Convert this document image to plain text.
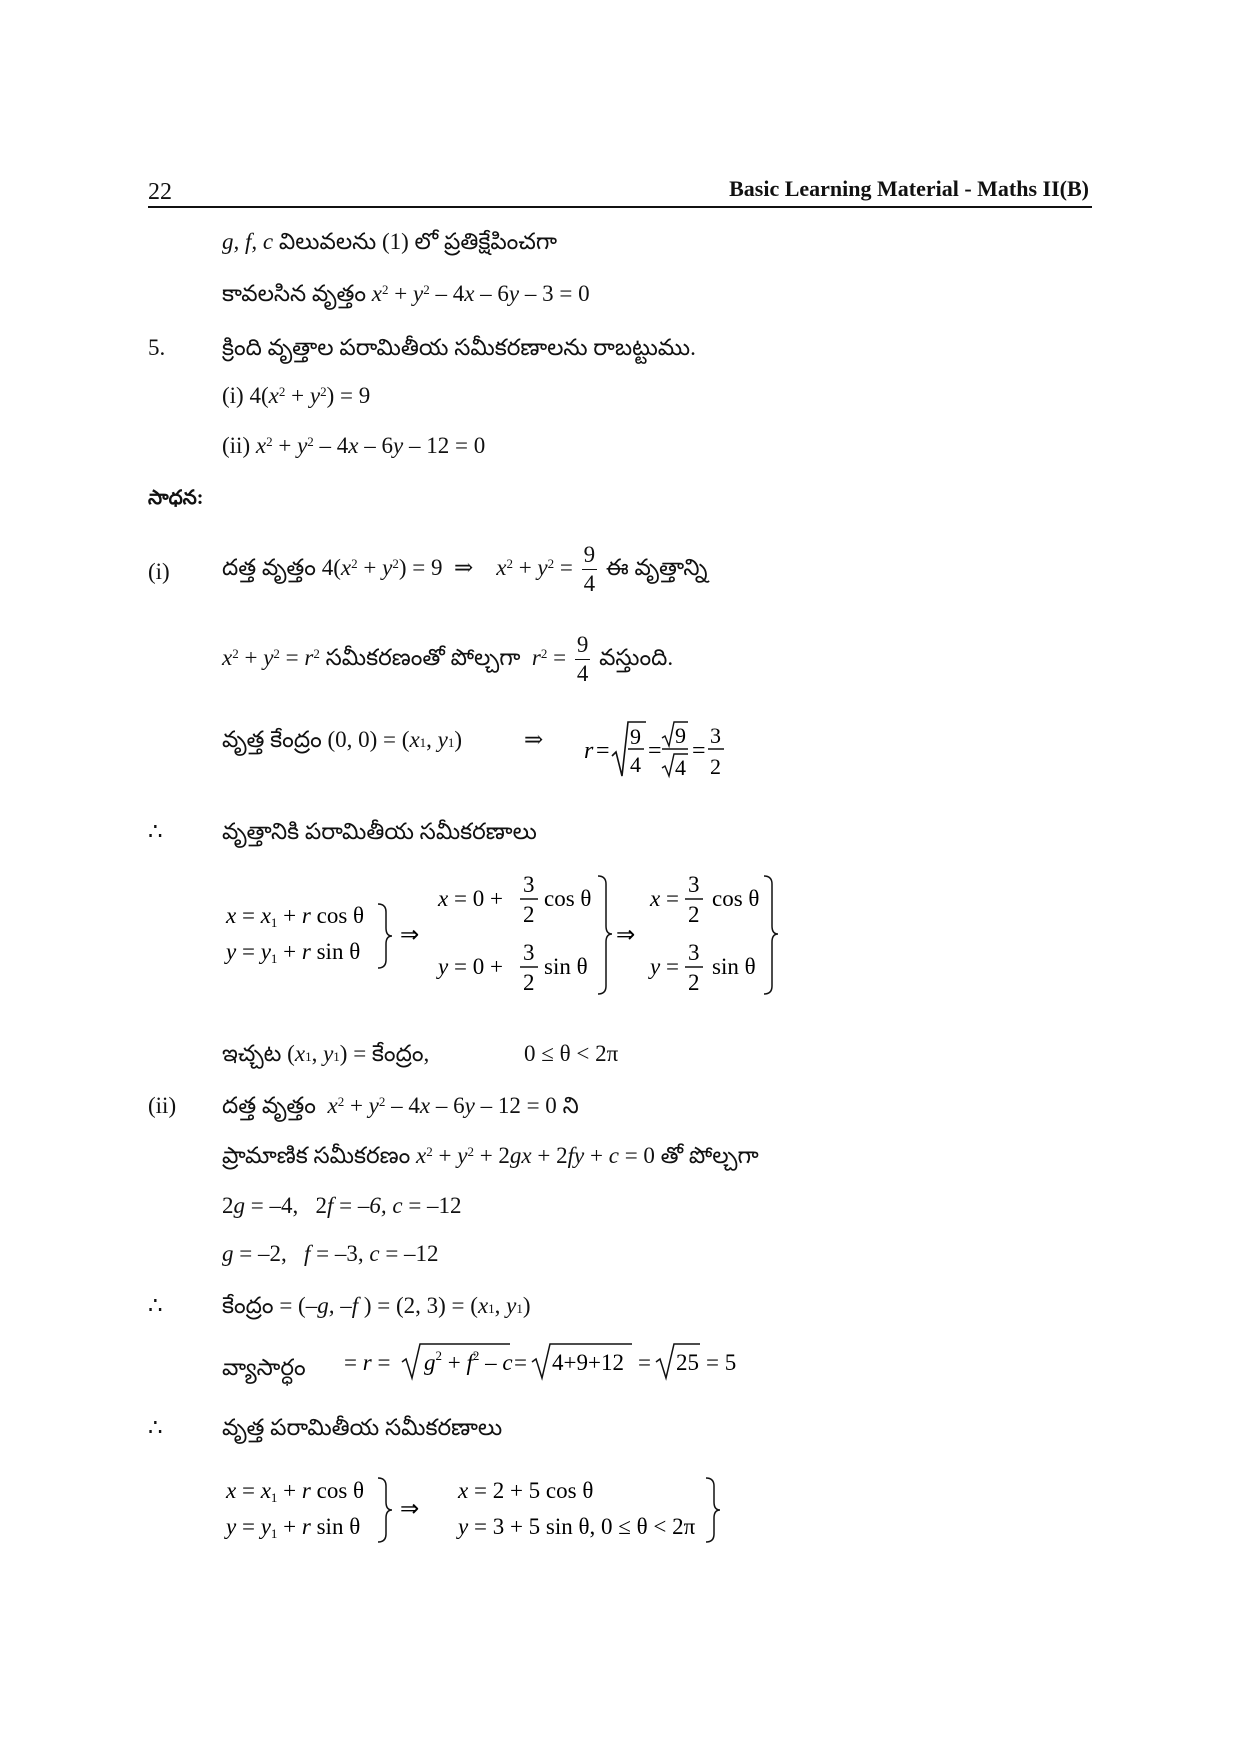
22	Basic Learning Material - Maths II(B)
g, f, c విలువలను (1) లో ప్రతిక్షేపించగా
కావలసిన వృత్తం $x^2 + y^2 - 4x - 6y - 3 = 0$
5. క్రింది వృత్తాల పరామితీయ సమీకరణాలను రాబట్టుము.
(i) $4(x^2 + y^2) = 9$
(ii) $x^2 + y^2 - 4x - 6y - 12 = 0$
సాధన:
(i) దత్త వృత్తం $4(x^2 + y^2) = 9$  ⇒    $x^2 + y^2 = \frac{9}{4}$ ఈ వృత్తాన్ని
$x^2 + y^2 = r^2$ సమీకరణంతో పోల్చగా $r^2 = \frac{9}{4}$ వస్తుంది.
వృత్త కేంద్రం (0, $0) = (x_1$, $y_1$)	⇒ r =
9
4
=
9
4
=
3
2
∴	వృత్తానికి పరామితీయ సమీకరణాలు
x = x1 + r cos θ
y = y1 + r sin θ
⇒
x = 0 +
3
2
cos θ
y = 0 +
3
2
sin θ
⇒
x =
3
2
cos θ
y =
3
2
sin θ
ఇచ్చట ($x_1$, $y_1$) = కేంద్రం,	0 ≤ θ < 2π
(ii) దత్త వృత్తం $x^2 + y^2 - 4x - 6y - 12 = 0$ ని
ప్రామాణిక సమీకరణం $x^2 + y^2 + 2gx + 2fy + c = 0$ తో పోల్చగా
2g = –4,   2f = –6, c = –12
g = –2,   f = –3, c = –12
∴	కేంద్రం = (–g, –f ) = (2, $3) = (x_1$, $y_1$)
వ్యాసార్ధం = $r = g^2 + f^2 - c = 4+9+12 = 25 = 5$
∴	వృత్త పరామితీయ సమీకరణాలు
x = x1 + r cos θ
y = y1 + r sin θ
⇒
x = 2 + 5 cos θ
y = 3 + 5 sin θ, 0 ≤ θ < 2π
